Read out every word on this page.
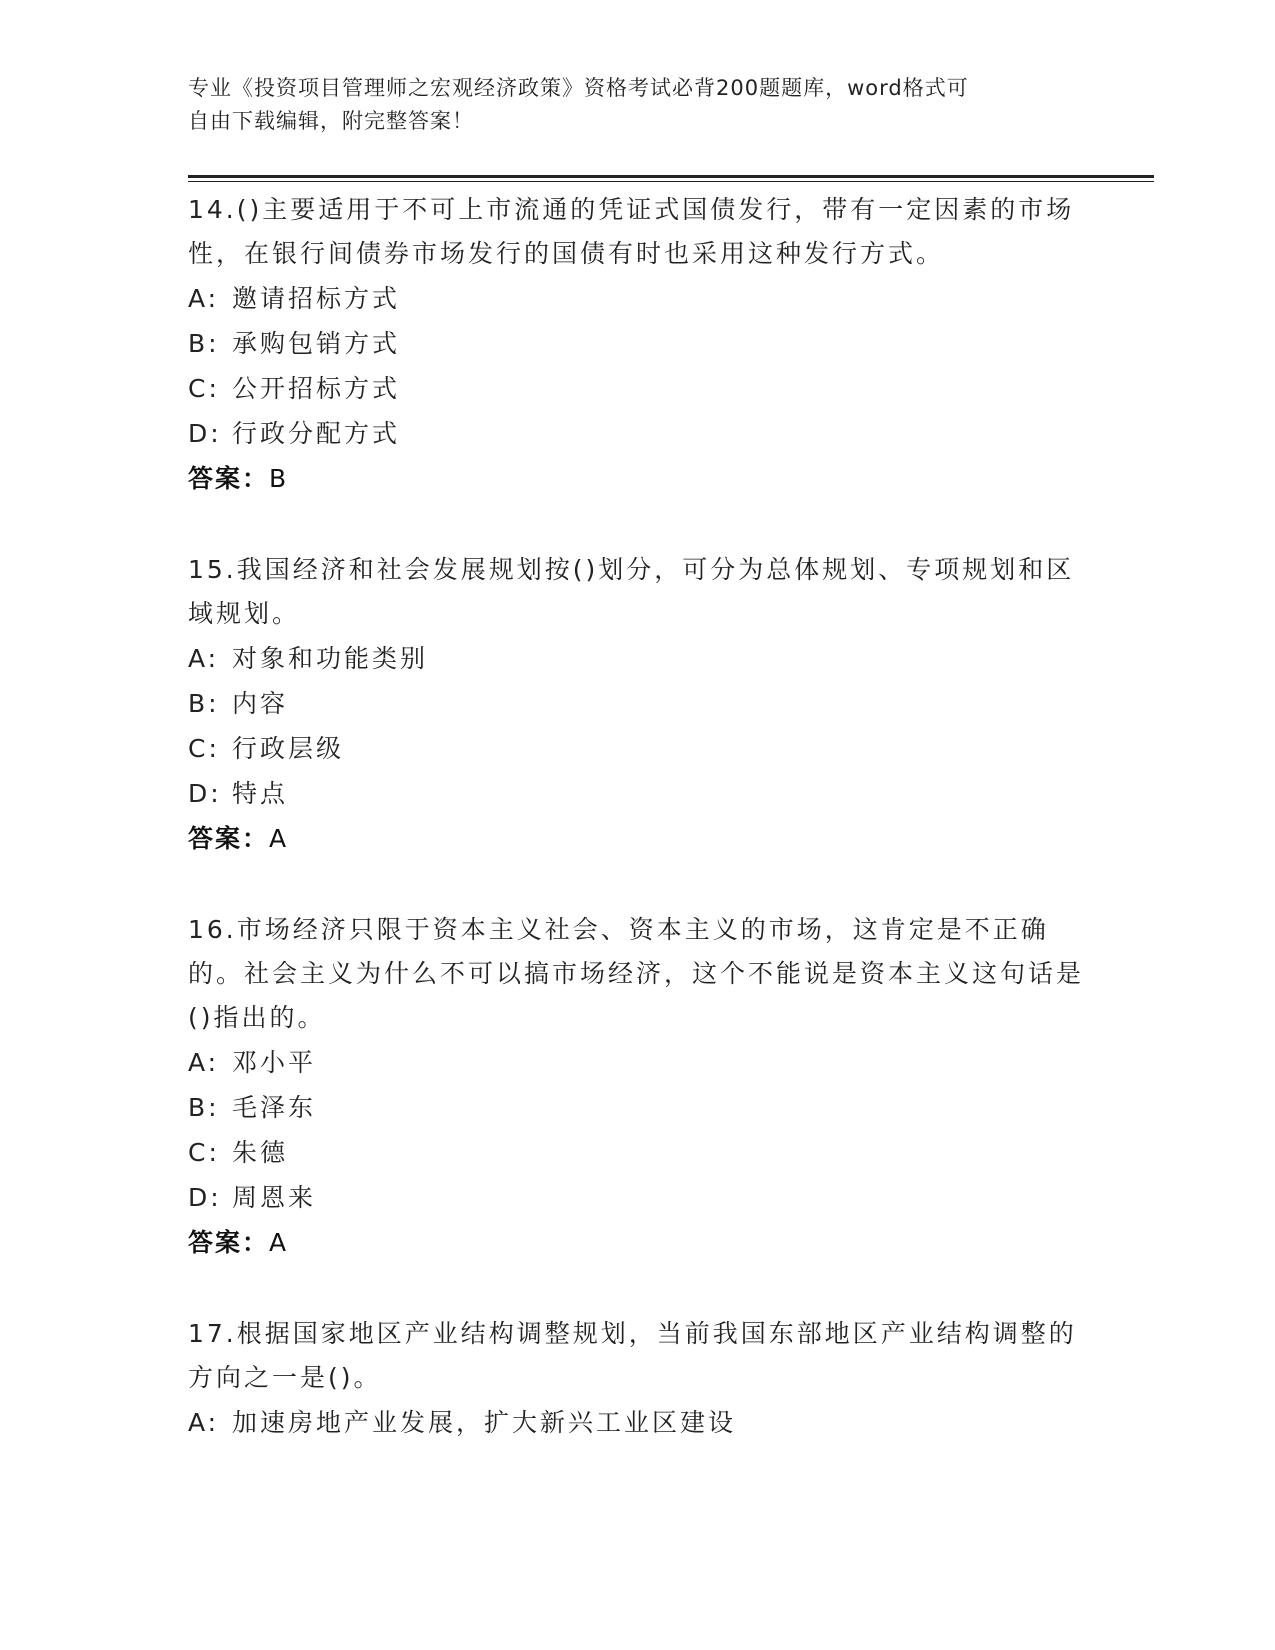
专业《投资项目管理师之宏观经济政策》资格考试必背200题题库，word格式可
自由下载编辑，附完整答案！

14.()主要适用于不可上市流通的凭证式国债发行，带有一定因素的市场性，在银行间债券市场发行的国债有时也采用这种发行方式。

A: 邀请招标方式

B: 承购包销方式

C: 公开招标方式

D: 行政分配方式

答案：B

15.我国经济和社会发展规划按()划分，可分为总体规划、专项规划和区域规划。

A: 对象和功能类别

B: 内容

C: 行政层级

D: 特点

答案：A

16.市场经济只限于资本主义社会、资本主义的市场，这肯定是不正确的。社会主义为什么不可以搞市场经济，这个不能说是资本主义这句话是()指出的。

A: 邓小平

B: 毛泽东

C: 朱德

D: 周恩来

答案：A

17.根据国家地区产业结构调整规划，当前我国东部地区产业结构调整的方向之一是()。

A: 加速房地产业发展，扩大新兴工业区建设
